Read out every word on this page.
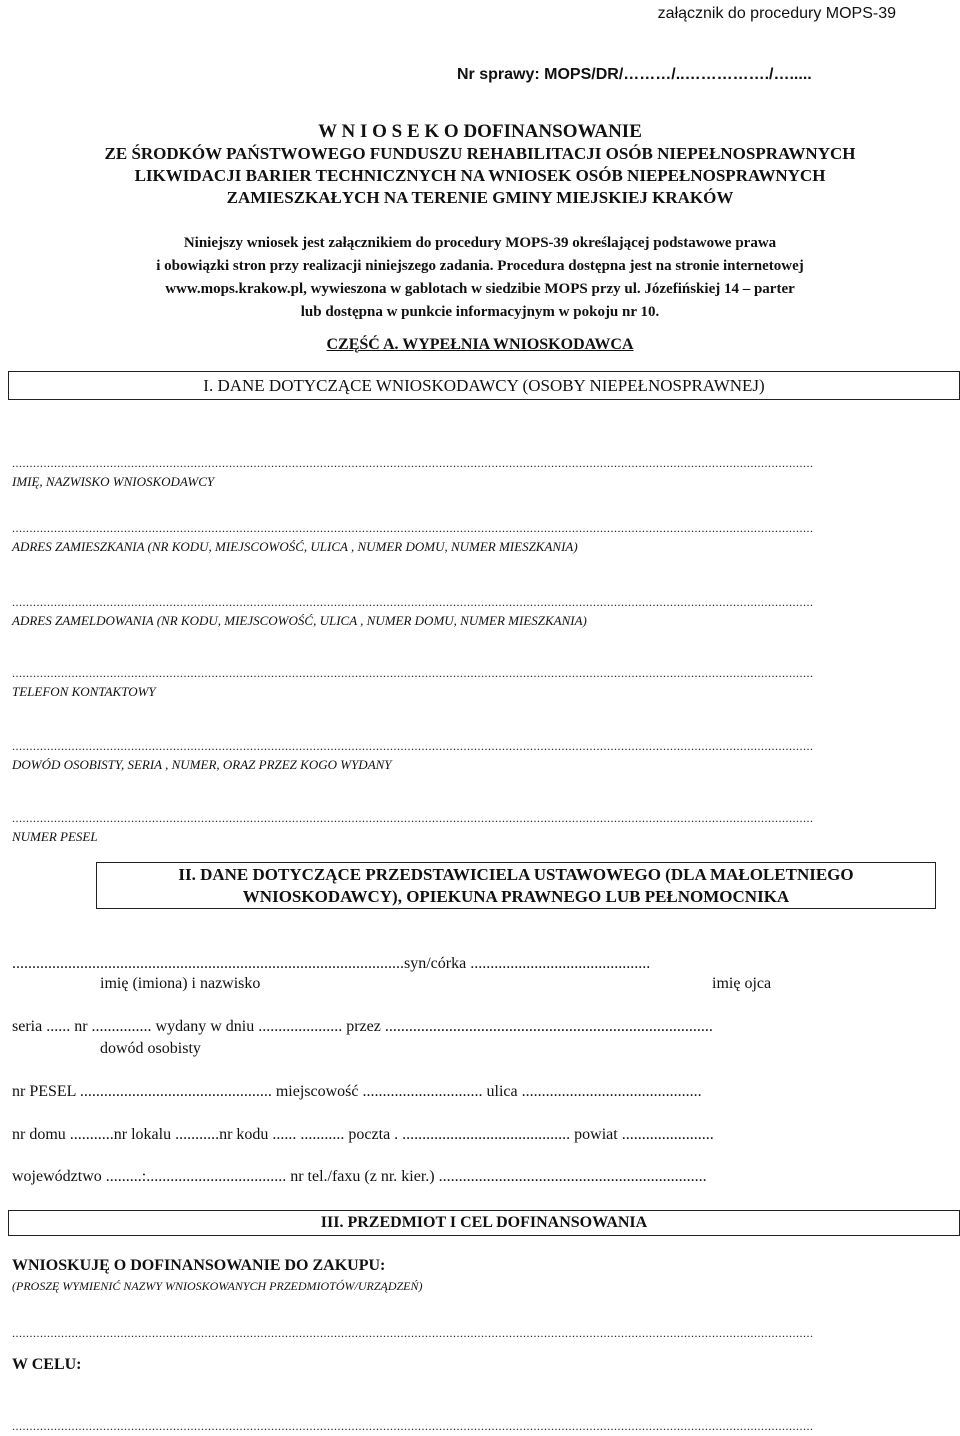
załącznik do procedury MOPS-39
Nr sprawy: MOPS/DR/………/..……………./….....
W N I O S E K O DOFINANSOWANIE
ZE ŚRODKÓW PAŃSTWOWEGO FUNDUSZU REHABILITACJI OSÓB NIEPEŁNOSPRAWNYCH
LIKWIDACJI BARIER TECHNICZNYCH NA WNIOSEK OSÓB NIEPEŁNOSPRAWNYCH
ZAMIESZKAŁYCH NA TERENIE GMINY MIEJSKIEJ KRAKÓW
Niniejszy wniosek jest załącznikiem do procedury MOPS-39 określającej podstawowe prawa
i obowiązki stron przy realizacji niniejszego zadania. Procedura dostępna jest na stronie internetowej
www.mops.krakow.pl, wywieszona w gablotach w siedzibie MOPS przy ul. Józefińskiej 14 – parter
lub dostępna w punkcie informacyjnym w pokoju nr 10.
CZĘŚĆ A. WYPEŁNIA WNIOSKODAWCA
I. DANE DOTYCZĄCE WNIOSKODAWCY (OSOBY NIEPEŁNOSPRAWNEJ)
.....................................................................................................................................................................................................................................
IMIĘ, NAZWISKO WNIOSKODAWCY
.....................................................................................................................................................................................................................................
ADRES ZAMIESZKANIA (NR KODU, MIEJSCOWOŚĆ, ULICA , NUMER DOMU, NUMER MIESZKANIA)
.....................................................................................................................................................................................................................................
ADRES ZAMELDOWANIA (NR KODU, MIEJSCOWOŚĆ, ULICA , NUMER DOMU, NUMER MIESZKANIA)
.....................................................................................................................................................................................................................................
TELEFON KONTAKTOWY
.....................................................................................................................................................................................................................................
DOWÓD OSOBISTY, SERIA , NUMER, ORAZ PRZEZ KOGO WYDANY
.....................................................................................................................................................................................................................................
NUMER PESEL
II. DANE DOTYCZĄCE PRZEDSTAWICIELA USTAWOWEGO (DLA MAŁOLETNIEGO
WNIOSKODAWCY), OPIEKUNA PRAWNEGO LUB PEŁNOMOCNIKA
..................................................................................................syn/córka .............................................
imię (imiona) i nazwisko	imię ojca
seria ...... nr ............... wydany w dniu ..................... przez ..................................................................................
dowód osobisty
nr PESEL ................................................ miejscowość .............................. ulica .............................................
nr domu ...........nr lokalu ...........nr kodu ...... ........... poczta . .......................................... powiat .......................
województwo .........:................................... nr tel./faxu (z nr. kier.) ...................................................................
III. PRZEDMIOT I CEL DOFINANSOWANIA
WNIOSKUJĘ O DOFINANSOWANIE DO ZAKUPU:
(PROSZĘ WYMIENIĆ NAZWY WNIOSKOWANYCH PRZEDMIOTÓW/URZĄDZEŃ)
.....................................................................................................................................................................................................................................
W CELU:
.....................................................................................................................................................................................................................................
